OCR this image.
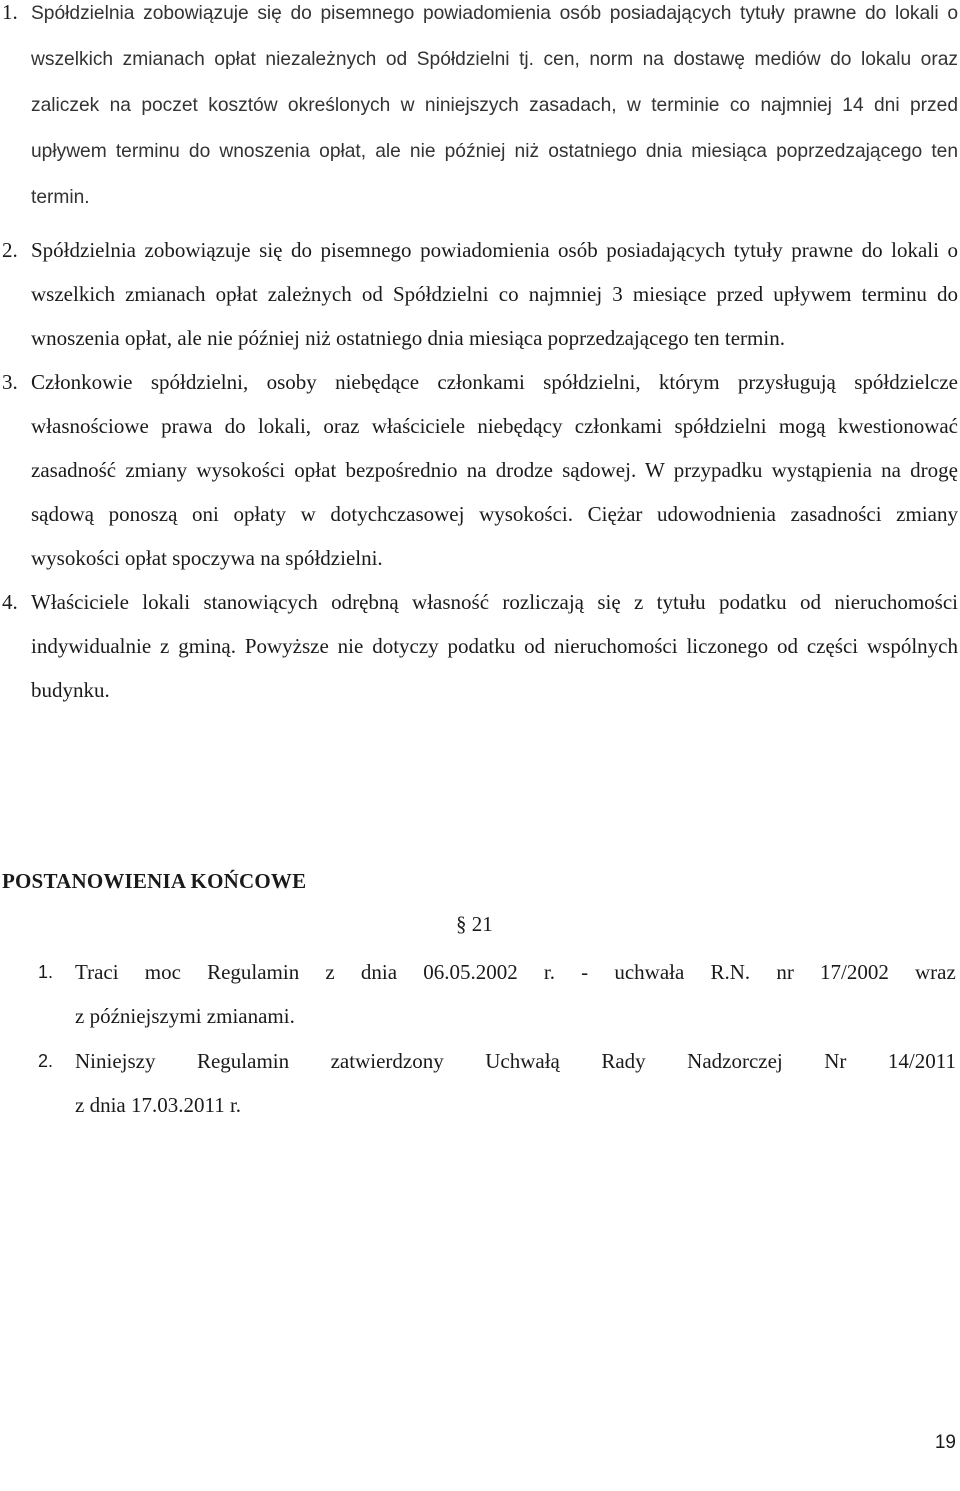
1. Spółdzielnia zobowiązuje się do pisemnego powiadomienia osób posiadających tytuły prawne do lokali o wszelkich zmianach opłat niezależnych od Spółdzielni tj. cen, norm na dostawę mediów do lokalu oraz zaliczek na poczet kosztów określonych w niniejszych zasadach, w terminie co najmniej 14 dni przed upływem terminu do wnoszenia opłat, ale nie później niż ostatniego dnia miesiąca poprzedzającego ten termin.
2. Spółdzielnia zobowiązuje się do pisemnego powiadomienia osób posiadających tytuły prawne do lokali o wszelkich zmianach opłat zależnych od Spółdzielni co najmniej 3 miesiące przed upływem terminu do wnoszenia opłat, ale nie później niż ostatniego dnia miesiąca poprzedzającego ten termin.
3. Członkowie spółdzielni, osoby niebędące członkami spółdzielni, którym przysługują spółdzielcze własnościowe prawa do lokali, oraz właściciele niebędący członkami spółdzielni mogą kwestionować zasadność zmiany wysokości opłat bezpośrednio na drodze sądowej. W przypadku wystąpienia na drogę sądową ponoszą oni opłaty w dotychczasowej wysokości. Ciężar udowodnienia zasadności zmiany wysokości opłat spoczywa na spółdzielni.
4. Właściciele lokali stanowiących odrębną własność rozliczają się z tytułu podatku od nieruchomości indywidualnie z gminą. Powyższe nie dotyczy podatku od nieruchomości liczonego od części wspólnych budynku.
POSTANOWIENIA KOŃCOWE
§ 21
1. Traci moc Regulamin z dnia 06.05.2002 r. - uchwała R.N. nr 17/2002 wraz
z późniejszymi zmianami.
2. Niniejszy Regulamin zatwierdzony Uchwałą Rady Nadzorczej Nr 14/2011
z dnia 17.03.2011 r.
19
